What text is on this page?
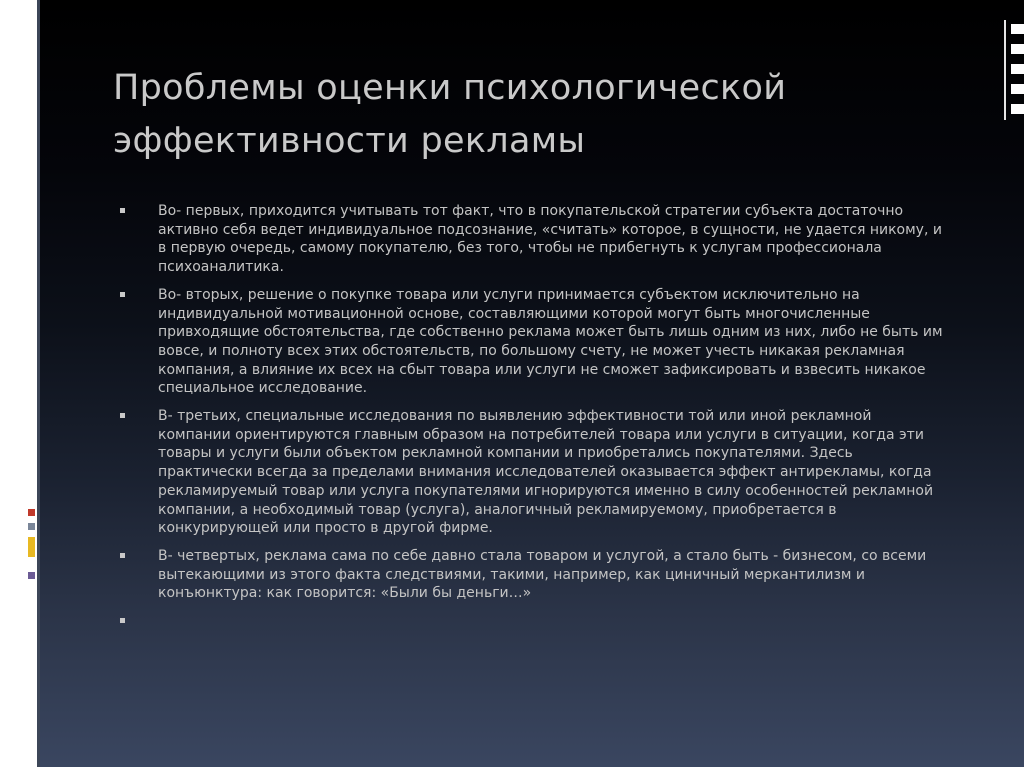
Проблемы оценки психологической эффективности рекламы
Во- первых, приходится учитывать тот факт, что в покупательской стратегии субъекта достаточно активно себя ведет индивидуальное подсознание, «считать» которое, в сущности, не удается никому, и в первую очередь, самому покупателю, без того, чтобы не прибегнуть к услугам профессионала психоаналитика.
Во- вторых, решение о покупке товара или услуги принимается субъектом исключительно на индивидуальной мотивационной основе, составляющими которой могут быть многочисленные привходящие обстоятельства, где собственно реклама может быть лишь одним из них, либо не быть им вовсе, и полноту всех этих обстоятельств, по большому счету, не может учесть никакая рекламная компания, а влияние их всех на сбыт товара или услуги не сможет зафиксировать и взвесить никакое специальное исследование.
В- третьих, специальные исследования по выявлению эффективности той или иной рекламной компании ориентируются главным образом на потребителей товара или услуги в ситуации, когда эти товары и услуги были объектом рекламной компании и приобретались покупателями. Здесь практически всегда за пределами внимания исследователей оказывается эффект антирекламы, когда рекламируемый товар или услуга покупателями игнорируются именно в силу особенностей рекламной компании, а необходимый товар (услуга), аналогичный рекламируемому, приобретается в конкурирующей или просто в другой фирме.
В- четвертых, реклама сама по себе давно стала товаром и услугой, а стало быть - бизнесом, со всеми вытекающими из этого факта следствиями, такими, например, как циничный меркантилизм и конъюнктура: как говорится: «Были бы деньги…»
